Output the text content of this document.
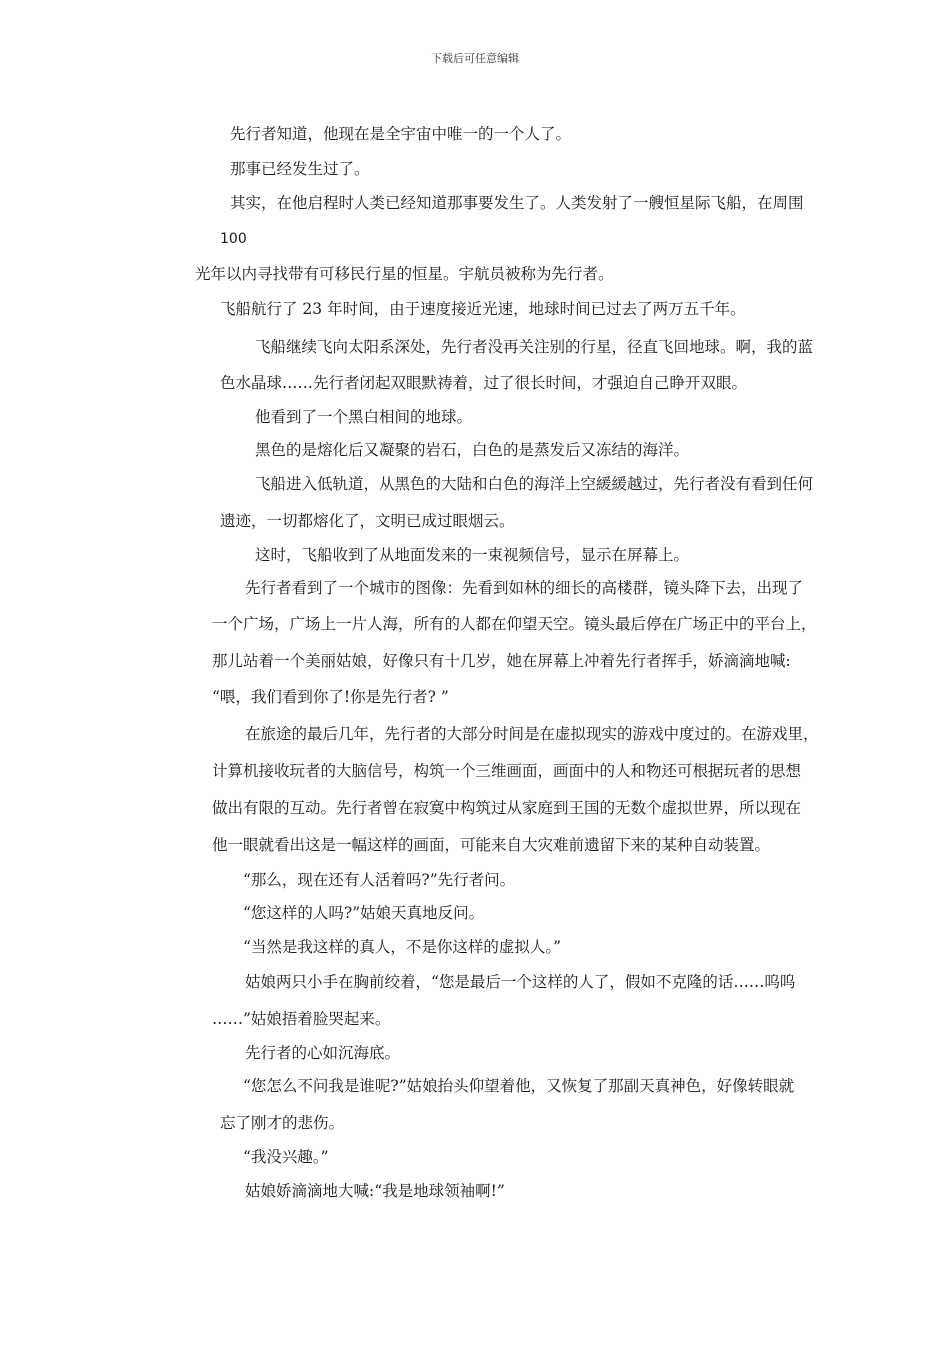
下载后可任意编辑
先行者知道，他现在是全宇宙中唯一的一个人了。
那事已经发生过了。
其实，在他启程时人类已经知道那事要发生了。人类发射了一艘恒星际飞船，在周围
100
光年以内寻找带有可移民行星的恒星。宇航员被称为先行者。
飞船航行了 23 年时间，由于速度接近光速，地球时间已过去了两万五千年。
飞船继续飞向太阳系深处，先行者没再关注别的行星，径直飞回地球。啊，我的蓝
色水晶球……先行者闭起双眼默祷着，过了很长时间，才强迫自己睁开双眼。
他看到了一个黑白相间的地球。
黑色的是熔化后又凝聚的岩石，白色的是蒸发后又冻结的海洋。
飞船进入低轨道，从黑色的大陆和白色的海洋上空緩緩越过，先行者没有看到任何
遗迹，一切都熔化了，文明已成过眼烟云。
这时，飞船收到了从地面发来的一束视频信号，显示在屏幕上。
先行者看到了一个城市的图像：先看到如林的细长的高楼群，镜头降下去，出现了
一个广场，广场上一片人海，所有的人都在仰望天空。镜头最后停在广场正中的平台上，
那儿站着一个美丽姑娘，好像只有十几岁，她在屏幕上冲着先行者挥手，娇滴滴地喊:
“喂，我们看到你了!你是先行者? ”
在旅途的最后几年，先行者的大部分时间是在虚拟现实的游戏中度过的。在游戏里，
计算机接收玩者的大脑信号，构筑一个三维画面，画面中的人和物还可根据玩者的思想
做出有限的互动。先行者曾在寂寞中构筑过从家庭到王国的无数个虚拟世界，所以现在
他一眼就看出这是一幅这样的画面，可能来自大灾难前遗留下来的某种自动装置。
“那么，现在还有人活着吗?”先行者问。
“您这样的人吗?”姑娘天真地反问。
“当然是我这样的真人，不是你这样的虚拟人。”
姑娘两只小手在胸前绞着，“您是最后一个这样的人了，假如不克隆的话……呜呜
……”姑娘捂着脸哭起来。
先行者的心如沉海底。
“您怎么不问我是谁呢?”姑娘抬头仰望着他，又恢复了那副天真神色，好像转眼就
忘了刚才的悲伤。
“我没兴趣。”
姑娘娇滴滴地大喊:“我是地球领袖啊!”
